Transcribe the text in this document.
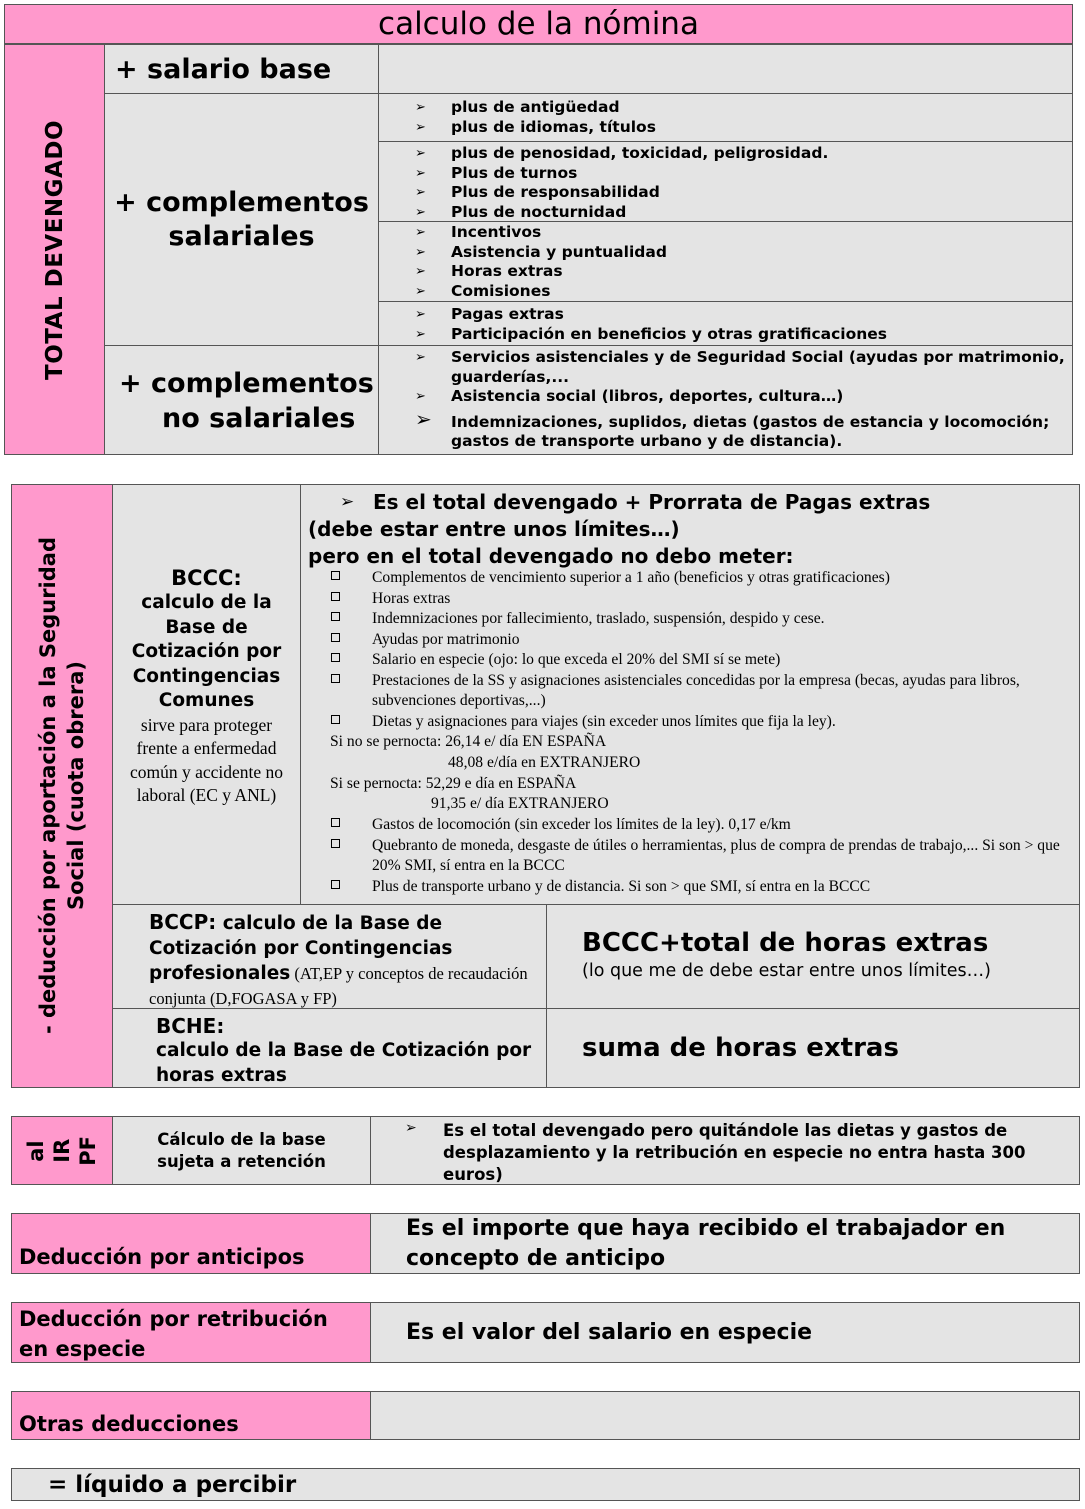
calculo de la nómina
TOTAL DEVENGADO
+ salario base
+ complementos
salariales
➢ plus de antigüedad
➢ plus de idiomas, títulos
➢ plus de penosidad, toxicidad, peligrosidad.
➢ Plus de turnos
➢ Plus de responsabilidad
➢ Plus de nocturnidad
➢ Incentivos
➢ Asistencia y puntualidad
➢ Horas extras
➢ Comisiones
➢ Pagas extras
➢ Participación en beneficios y otras gratificaciones
+ complementos
no salariales
➢ Servicios asistenciales y de Seguridad Social (ayudas por matrimonio, guarderías,...
➢ Asistencia social (libros, deportes, cultura…)
➢ Indemnizaciones, suplidos, dietas (gastos de estancia y locomoción; gastos de transporte urbano y de distancia).
- deducción por aportación a la Seguridad Social (cuota obrera)
BCCC:
calculo de la Base de Cotización por Contingencias Comunes
sirve para proteger frente a enfermedad común y accidente no laboral (EC y ANL)
➢ Es el total devengado + Prorrata de Pagas extras
(debe estar entre unos límites…)
pero en el total devengado no debo meter:
Complementos de vencimiento superior a 1 año (beneficios y otras gratificaciones)
Horas extras
Indemnizaciones por fallecimiento, traslado, suspensión, despido y cese.
Ayudas por matrimonio
Salario en especie (ojo: lo que exceda el 20% del SMI sí se mete)
Prestaciones de la SS y asignaciones asistenciales concedidas por la empresa (becas, ayudas para libros, subvenciones deportivas,...)
Dietas y asignaciones para viajes (sin exceder unos límites que fija la ley).
Si no se pernocta: 26,14 e/ día EN ESPAÑA
48,08 e/día en EXTRANJERO
Si se pernocta: 52,29 e día en ESPAÑA
91,35 e/ día EXTRANJERO
Gastos de locomoción (sin exceder los límites de la ley). 0,17 e/km
Quebranto de moneda, desgaste de útiles o herramientas, plus de compra de prendas de trabajo,... Si son > que 20% SMI, sí entra en la BCCC
Plus de transporte urbano y de distancia. Si son > que SMI, sí entra en la BCCC
BCCP: calculo de la Base de Cotización por Contingencias profesionales (AT,EP y conceptos de recaudación conjunta (D,FOGASA y FP)
BCCC+total de horas extras
(lo que me de debe estar entre unos límites…)
BCHE:
calculo de la Base de Cotización por horas extras
suma de horas extras
al IR PF	Cálculo de la base sujeta a retención
➢ Es el total devengado pero quitándole las dietas y gastos de desplazamiento y la retribución en especie no entra hasta 300 euros)
Deducción por anticipos
Es el importe que haya recibido el trabajador en concepto de anticipo
Deducción por retribución en especie
Es el valor del salario en especie
Otras deducciones
= líquido a percibir
